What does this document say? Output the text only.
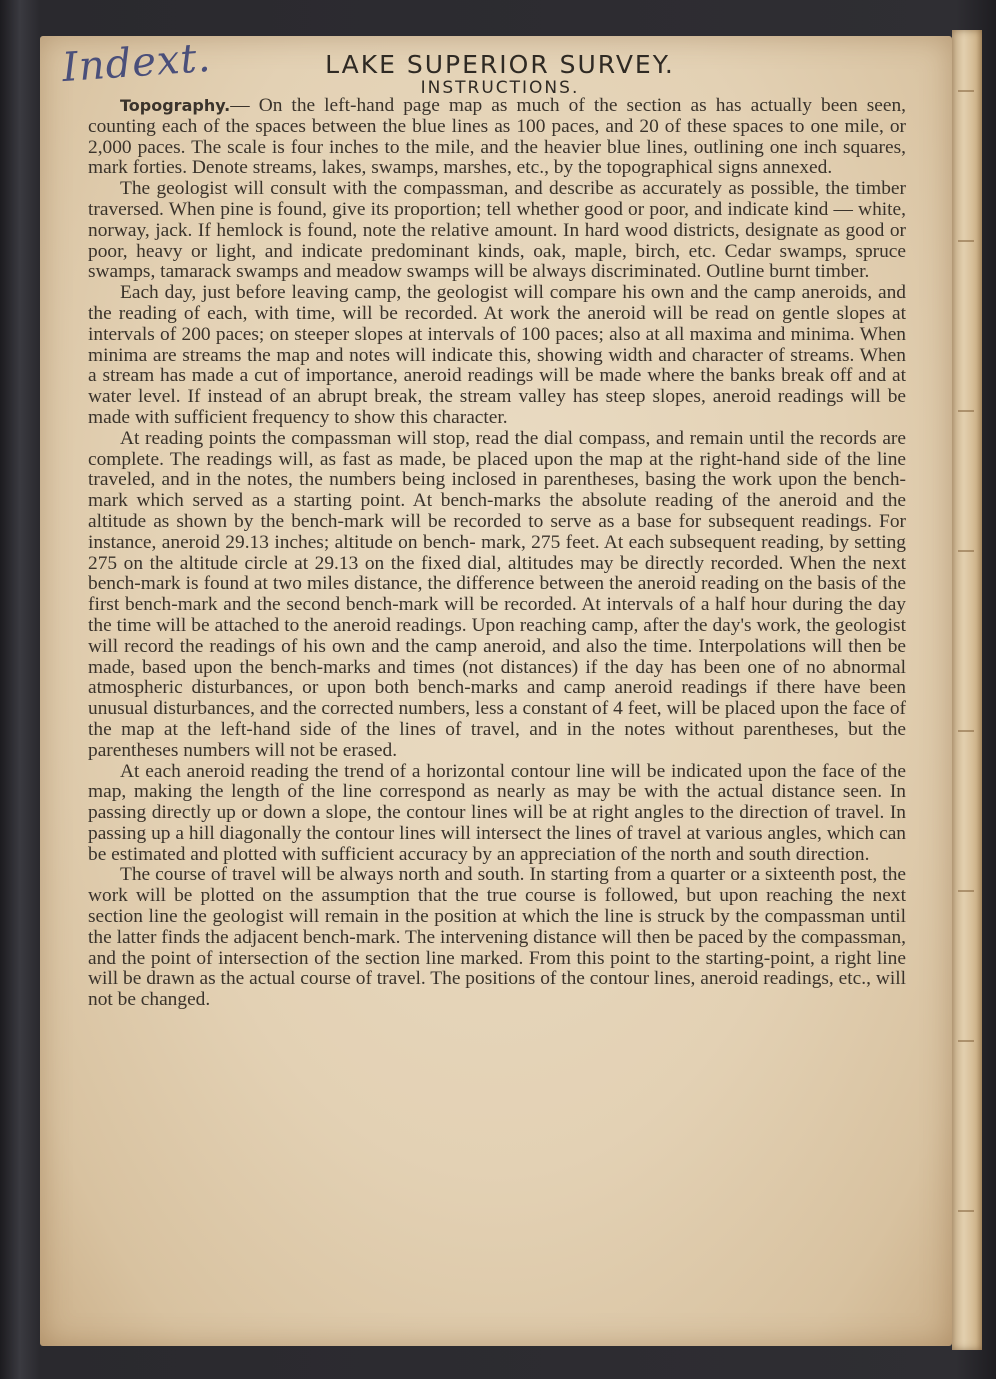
Indext.	LAKE SUPERIOR SURVEY.
INSTRUCTIONS.

Topography.— On the left-hand page map as much of the section as has actually been seen, counting each of the spaces between the blue lines as 100 paces, and 20 of these spaces to one mile, or 2,000 paces. The scale is four inches to the mile, and the heavier blue lines, outlining one inch squares, mark forties. Denote streams, lakes, swamps, marshes, etc., by the topographical signs annexed.

The geologist will consult with the compassman, and describe as accurately as possible, the timber traversed. When pine is found, give its proportion; tell whether good or poor, and indicate kind — white, norway, jack. If hemlock is found, note the relative amount. In hard wood districts, designate as good or poor, heavy or light, and indicate predominant kinds, oak, maple, birch, etc. Cedar swamps, spruce swamps, tamarack swamps and meadow swamps will be always discriminated. Outline burnt timber.

Each day, just before leaving camp, the geologist will compare his own and the camp aneroids, and the reading of each, with time, will be recorded. At work the aneroid will be read on gentle slopes at intervals of 200 paces; on steeper slopes at intervals of 100 paces; also at all maxima and minima. When minima are streams the map and notes will indicate this, showing width and character of streams. When a stream has made a cut of importance, aneroid readings will be made where the banks break off and at water level. If instead of an abrupt break, the stream valley has steep slopes, aneroid readings will be made with sufficient frequency to show this character.

At reading points the compassman will stop, read the dial compass, and remain until the records are complete. The readings will, as fast as made, be placed upon the map at the right-hand side of the line traveled, and in the notes, the numbers being inclosed in parentheses, basing the work upon the bench-mark which served as a starting point. At bench-marks the absolute reading of the aneroid and the altitude as shown by the bench-mark will be recorded to serve as a base for subsequent readings. For instance, aneroid 29.13 inches; altitude on bench- mark, 275 feet. At each subsequent reading, by setting 275 on the altitude circle at 29.13 on the fixed dial, altitudes may be directly recorded. When the next bench-mark is found at two miles distance, the difference between the aneroid reading on the basis of the first bench-mark and the second bench-mark will be recorded. At intervals of a half hour during the day the time will be attached to the aneroid readings. Upon reaching camp, after the day's work, the geologist will record the readings of his own and the camp aneroid, and also the time. Interpolations will then be made, based upon the bench-marks and times (not distances) if the day has been one of no abnormal atmospheric disturbances, or upon both bench-marks and camp aneroid readings if there have been unusual disturbances, and the corrected numbers, less a constant of 4 feet, will be placed upon the face of the map at the left-hand side of the lines of travel, and in the notes without parentheses, but the parentheses numbers will not be erased.

At each aneroid reading the trend of a horizontal contour line will be indicated upon the face of the map, making the length of the line correspond as nearly as may be with the actual distance seen. In passing directly up or down a slope, the contour lines will be at right angles to the direction of travel. In passing up a hill diagonally the contour lines will intersect the lines of travel at various angles, which can be estimated and plotted with sufficient accuracy by an appreciation of the north and south direction.

The course of travel will be always north and south. In starting from a quarter or a sixteenth post, the work will be plotted on the assumption that the true course is followed, but upon reaching the next section line the geologist will remain in the position at which the line is struck by the compassman until the latter finds the adjacent bench-mark. The intervening distance will then be paced by the compassman, and the point of intersection of the section line marked. From this point to the starting-point, a right line will be drawn as the actual course of travel. The positions of the contour lines, aneroid readings, etc., will not be changed.
